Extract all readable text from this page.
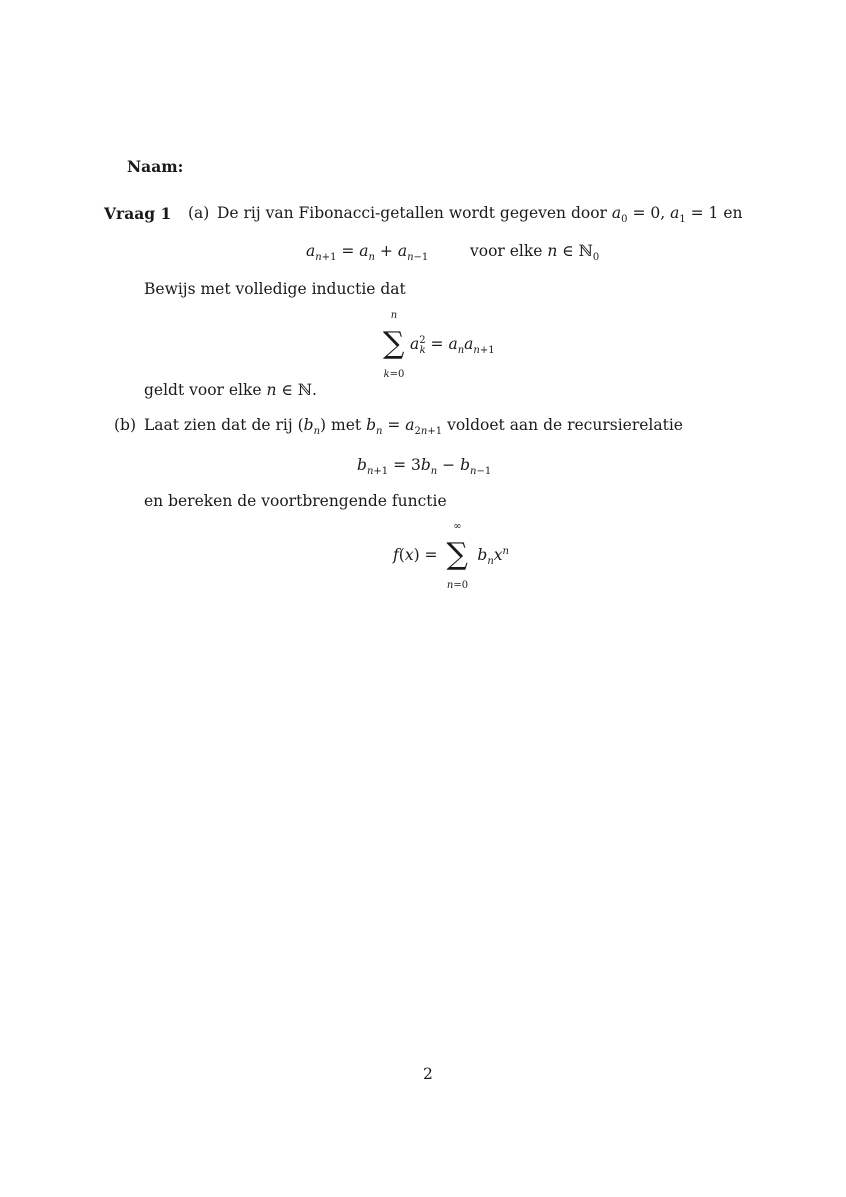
Naam:
Vraag 1 (a) De rij van Fibonacci-getallen wordt gegeven door $a_0 = 0$, $a_1 = 1$ en
$a_{n+1} = a_n + a_{n-1}$	voor elke n ∈ ℕ$_0$
Bewijs met volledige inductie dat
n
∑
k=0
$a^2_k = a_na_{n+1}$
geldt voor elke n ∈ ℕ.
(b) Laat zien dat de rij $(b_n)$ met $b_n = a_{2n+1}$ voldoet aan de recursierelatie
$b_{n+1} = 3b_n - b_{n-1}$
en bereken de voortbrengende functie
f(x) =
∞
∑
n=0
$b_nx^n$
2
